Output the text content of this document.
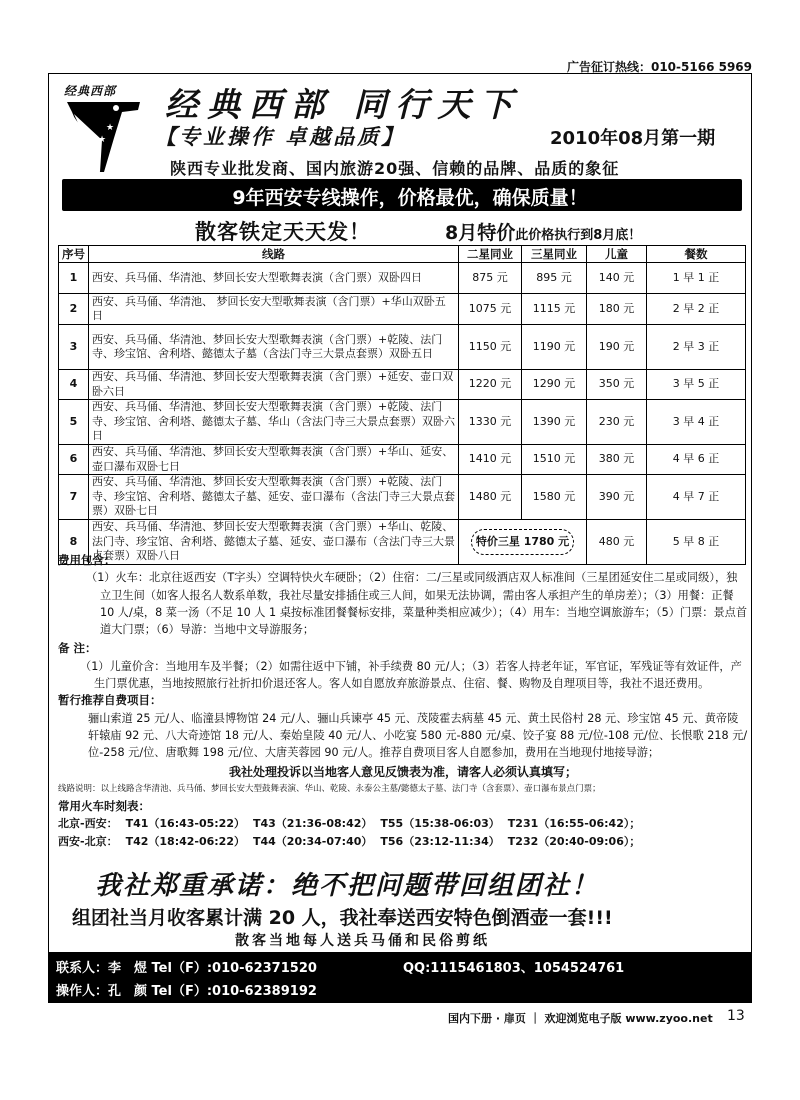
广告征订热线：010-5166 5969
★
★
经典西部 经典西部 同行天下
【专业操作 卓越品质】	2010年08月第一期
陕西专业批发商、国内旅游20强、信赖的品牌、品质的象征
9年西安专线操作，价格最优，确保质量！
散客铁定天天发！	8月特价此价格执行到8月底！
序号	线路	二星同业	三星同业	儿童	餐数
1	西安、兵马俑、华清池、梦回长安大型歌舞表演（含门票）双卧四日	875 元	895 元	140 元	1 早 1 正
2	西安、兵马俑、华清池、 梦回长安大型歌舞表演（含门票）+华山双卧五日	1075 元	1115 元	180 元	2 早 2 正
3	西安、兵马俑、华清池、梦回长安大型歌舞表演（含门票）+乾陵、法门寺、珍宝馆、舍利塔、懿德太子墓（含法门寺三大景点套票）双卧五日	1150 元	1190 元	190 元	2 早 3 正
4	西安、兵马俑、华清池、梦回长安大型歌舞表演（含门票）+延安、壶口双卧六日	1220 元	1290 元	350 元	3 早 5 正
5	西安、兵马俑、华清池、梦回长安大型歌舞表演（含门票）+乾陵、法门寺、珍宝馆、舍利塔、懿德太子墓、华山（含法门寺三大景点套票）双卧六日	1330 元	1390 元	230 元	3 早 4 正
6	西安、兵马俑、华清池、梦回长安大型歌舞表演（含门票）+华山、延安、壶口瀑布双卧七日	1410 元	1510 元	380 元	4 早 6 正
7	西安、兵马俑、华清池、梦回长安大型歌舞表演（含门票）+乾陵、法门寺、珍宝馆、舍利塔、懿德太子墓、延安、壶口瀑布（含法门寺三大景点套票）双卧七日	1480 元	1580 元	390 元	4 早 7 正
8	西安、兵马俑、华清池、梦回长安大型歌舞表演（含门票）+华山、乾陵、法门寺、珍宝馆、舍利塔、懿德太子墓、延安、壶口瀑布（含法门寺三大景点套票）双卧八日	特价三星 1780 元		480 元	5 早 8 正
费用包含：
（1）火车：北京往返西安（T字头）空调特快火车硬卧；（2）住宿：二/三星或同级酒店双人标准间（三星团延安住二星或同级），独立卫生间（如客人报名人数系单数，我社尽量安排插住或三人间，如果无法协调，需由客人承担产生的单房差）；（3）用餐：正餐 10 人/桌，8 菜一汤（不足 10 人 1 桌按标准团餐餐标安排，菜量种类相应减少）；（4）用车：当地空调旅游车；（5）门票：景点首道大门票；（6）导游：当地中文导游服务；
备 注：
（1）儿童价含：当地用车及半餐；（2）如需往返中下铺，补手续费 80 元/人；（3）若客人持老年证，军官证，军残证等有效证件，产生门票优惠，当地按照旅行社折扣价退还客人。客人如自愿放弃旅游景点、住宿、餐、购物及自理项目等，我社不退还费用。
暂行推荐自费项目：
骊山索道 25 元/人、临潼县博物馆 24 元/人、骊山兵谏亭 45 元、茂陵霍去病墓 45 元、黄土民俗村 28 元、珍宝馆 45 元、黄帝陵轩辕庙 92 元、八大奇迹馆 18 元/人、秦始皇陵 40 元/人、小吃宴 580 元-880 元/桌、饺子宴 88 元/位-108 元/位、长恨歌 218 元/位-258 元/位、唐歌舞 198 元/位、大唐芙蓉园 90 元/人。推荐自费项目客人自愿参加，费用在当地现付地接导游；
我社处理投诉以当地客人意见反馈表为准，请客人必须认真填写；
线路说明：以上线路含华清池、兵马俑、梦回长安大型鼓舞表演、华山、乾陵、永泰公主墓/懿德太子墓、法门寺（含套票）、壶口瀑布景点门票；
常用火车时刻表：
北京-西安： T41（16:43-05:22） T43（21:36-08:42） T55（15:38-06:03） T231（16:55-06:42）；
西安-北京： T42（18:42-06:22） T44（20:34-07:40） T56（23:12-11:34） T232（20:40-09:06）；
我社郑重承诺：绝不把问题带回组团社！
组团社当月收客累计满 20 人，我社奉送西安特色倒酒壶一套!!!
散客当地每人送兵马俑和民俗剪纸
联系人：李　煜 Tel（F）:010-62371520	QQ:1115461803、1054524761
操作人：孔　颜 Tel（F）:010-62389192
国内下册 · 扉页 ｜ 欢迎浏览电子版 www.zyoo.net 13
